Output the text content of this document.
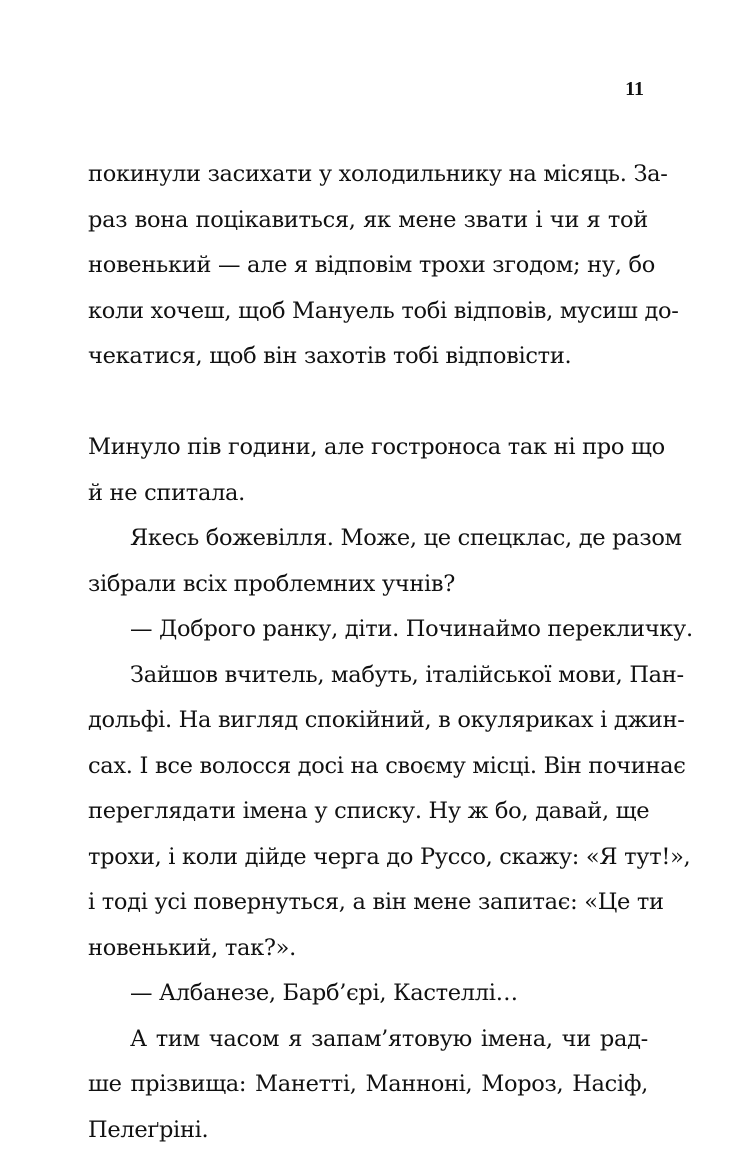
11
покинули засихати у холодильнику на місяць. За-
раз вона поцікавиться, як мене звати і чи я той
новенький — але я відповім трохи згодом; ну, бо
коли хочеш, щоб Мануель тобі відповів, мусиш до-
чекатися, щоб він захотів тобі відповісти.
Минуло пів години, але гостроноса так ні про що
й не спитала.
Якесь божевілля. Може, це спецклас, де разом
зібрали всіх проблемних учнів?
— Доброго ранку, діти. Починаймо перекличку.
Зайшов вчитель, мабуть, італійської мови, Пан-
дольфі. На вигляд спокійний, в окуляриках і джин-
сах. І все волосся досі на своєму місці. Він починає
переглядати імена у списку. Ну ж бо, давай, ще
трохи, і коли дійде черга до Руссо, скажу: «Я тут!»,
і тоді усі повернуться, а він мене запитає: «Це ти
новенький, так?».
— Албанезе, Барб’єрі, Кастеллі…
А тим часом я запам’ятовую імена, чи рад-
ше прізвища: Манетті, Манноні, Мороз, Насіф,
Пелеґріні.
